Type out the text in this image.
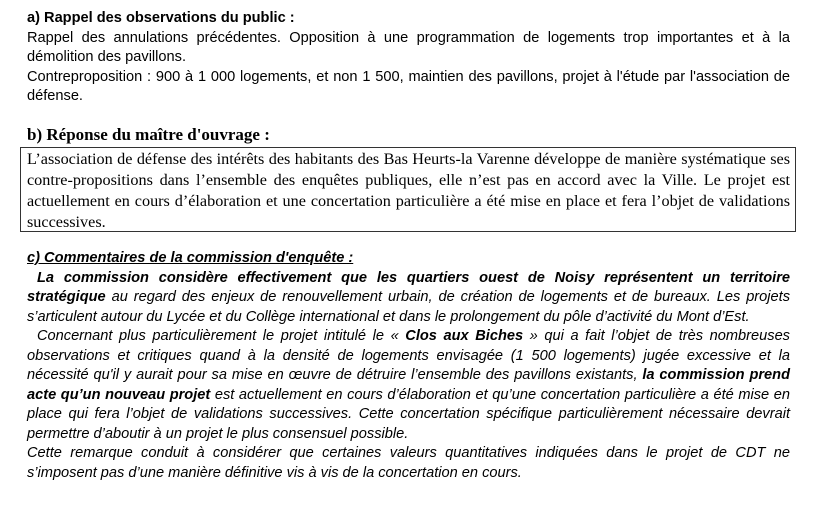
a) Rappel des observations du public :

Rappel des annulations précédentes. Opposition à une programmation de logements trop importantes et à la démolition des pavillons.

Contreproposition : 900 à 1 000 logements, et non 1 500, maintien des pavillons, projet à l'étude par l'association de défense.

b) Réponse du maître d'ouvrage :

L’association de défense des intérêts des habitants des Bas Heurts-la Varenne développe de manière systématique ses contre-propositions dans l’ensemble des enquêtes publiques, elle n’est pas en accord avec la Ville. Le projet est actuellement en cours d’élaboration et une concertation particulière a été mise en place et fera l’objet de validations successives.

c) Commentaires de la commission d'enquête :

La commission considère effectivement que les quartiers ouest de Noisy représentent un territoire stratégique au regard des enjeux de renouvellement urbain, de création de logements et de bureaux. Les projets s’articulent autour du Lycée et du Collège international et dans le prolongement du pôle d’activité du Mont d’Est.

Concernant plus particulièrement le projet intitulé le « Clos aux Biches » qui a fait l’objet de très nombreuses observations et critiques quand à la densité de logements envisagée (1 500 logements) jugée excessive et la nécessité qu'il y aurait pour sa mise en œuvre de détruire l’ensemble des pavillons existants, la commission prend acte qu’un nouveau projet est actuellement en cours d’élaboration et qu’une concertation particulière a été mise en place qui fera l’objet de validations successives. Cette concertation spécifique particulièrement nécessaire devrait permettre d’aboutir à un projet le plus consensuel possible.

Cette remarque conduit à considérer que certaines valeurs quantitatives indiquées dans le projet de CDT ne s’imposent pas d’une manière définitive vis à vis de la concertation en cours.
